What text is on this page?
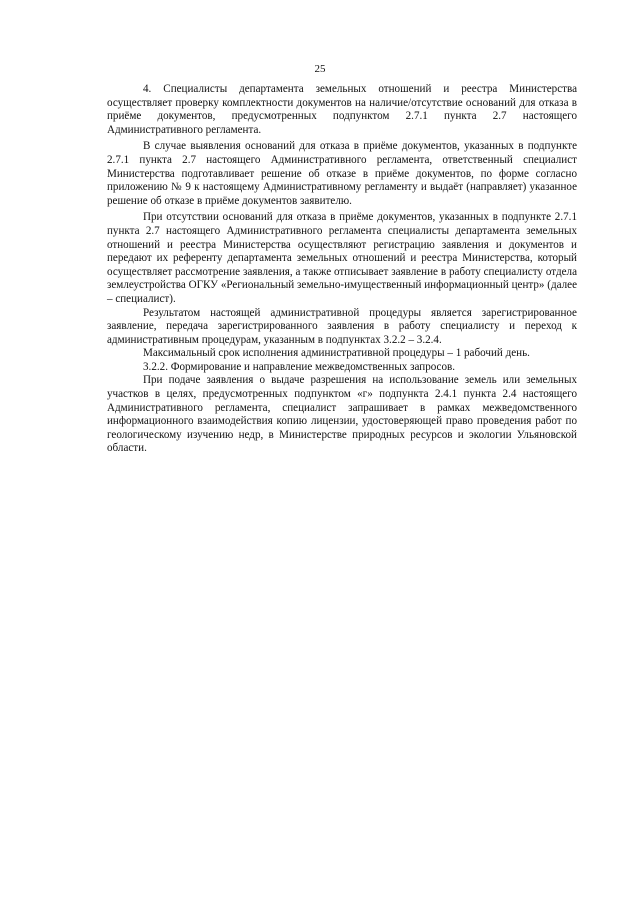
25

4. Специалисты департамента земельных отношений и реестра Министерства осуществляет проверку комплектности документов на наличие/отсутствие оснований для отказа в приёме документов, предусмотренных подпунктом 2.7.1 пункта 2.7 настоящего Административного регламента.

В случае выявления оснований для отказа в приёме документов, указанных в подпункте 2.7.1 пункта 2.7 настоящего Административного регламента, ответственный специалист Министерства подготавливает решение об отказе в приёме документов, по форме согласно приложению № 9 к настоящему Административному регламенту и выдаёт (направляет) указанное решение об отказе в приёме документов заявителю.

При отсутствии оснований для отказа в приёме документов, указанных в подпункте 2.7.1 пункта 2.7 настоящего Административного регламента специалисты департамента земельных отношений и реестра Министерства осуществляют регистрацию заявления и документов и передают их референту департамента земельных отношений и реестра Министерства, который осуществляет рассмотрение заявления, а также отписывает заявление в работу специалисту отдела землеустройства ОГКУ «Региональный земельно-имущественный информационный центр» (далее – специалист).

Результатом настоящей административной процедуры является зарегистрированное заявление, передача зарегистрированного заявления в работу специалисту и переход к административным процедурам, указанным в подпунктах 3.2.2 – 3.2.4.

Максимальный срок исполнения административной процедуры – 1 рабочий день.

3.2.2. Формирование и направление межведомственных запросов.

При подаче заявления о выдаче разрешения на использование земель или земельных участков в целях, предусмотренных подпунктом «г» подпункта 2.4.1 пункта 2.4 настоящего Административного регламента, специалист запрашивает в рамках межведомственного информационного взаимодействия копию лицензии, удостоверяющей право проведения работ по геологическому изучению недр, в Министерстве природных ресурсов и экологии Ульяновской области.
